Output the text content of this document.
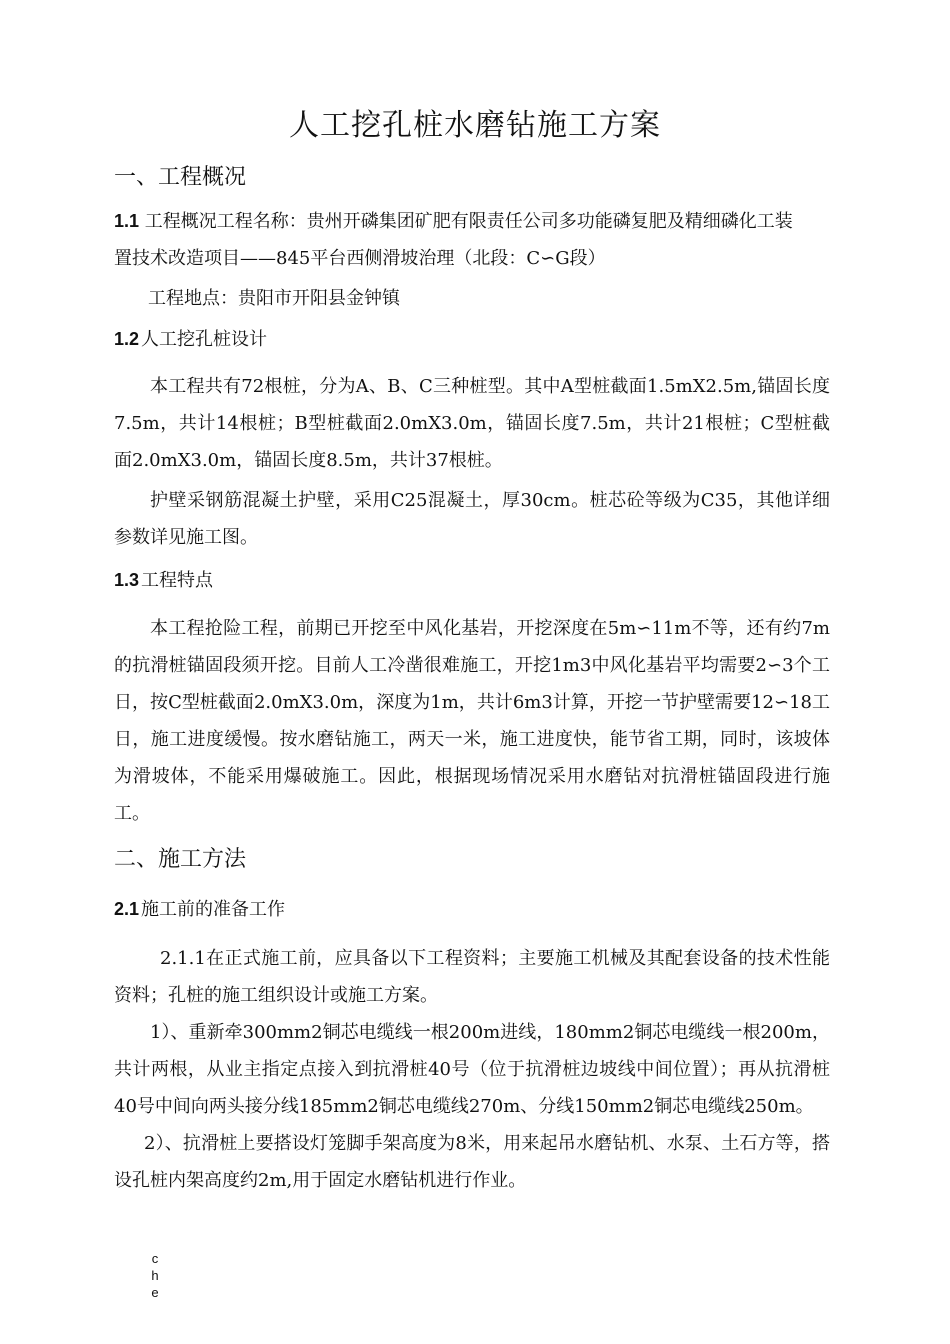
人工挖孔桩水磨钻施工方案
一、工程概况
1.1 工程概况工程名称：贵州开磷集团矿肥有限责任公司多功能磷复肥及精细磷化工装
置技术改造项目——845平台西侧滑坡治理（北段：C∽G段）
工程地点：贵阳市开阳县金钟镇
1.2 人工挖孔桩设计
本工程共有72根桩，分为A、B、C三种桩型。其中A型桩截面1.5mX2.5m,锚固长度7.5m，共计14根桩；B型桩截面2.0mX3.0m，锚固长度7.5m，共计21根桩；C型桩截面2.0mX3.0m，锚固长度8.5m，共计37根桩。
护壁采钢筋混凝土护壁，采用C25混凝土，厚30cm。桩芯砼等级为C35，其他详细参数详见施工图。
1.3 工程特点
本工程抢险工程，前期已开挖至中风化基岩，开挖深度在5m∽11m不等，还有约7m的抗滑桩锚固段须开挖。目前人工冷凿很难施工，开挖1m3中风化基岩平均需要2∽3个工日，按C型桩截面2.0mX3.0m，深度为1m，共计6m3计算，开挖一节护壁需要12∽18工日，施工进度缓慢。按水磨钻施工，两天一米，施工进度快，能节省工期，同时，该坡体为滑坡体，不能采用爆破施工。因此，根据现场情况采用水磨钻对抗滑桩锚固段进行施工。
二、施工方法
2.1 施工前的准备工作
2.1.1在正式施工前，应具备以下工程资料；主要施工机械及其配套设备的技术性能资料；孔桩的施工组织设计或施工方案。
1）、重新牵300mm2铜芯电缆线一根200m进线，180mm2铜芯电缆线一根200m，共计两根，从业主指定点接入到抗滑桩40号（位于抗滑桩边坡线中间位置）；再从抗滑桩40号中间向两头接分线185mm2铜芯电缆线270m、分线150mm2铜芯电缆线250m。
2）、抗滑桩上要搭设灯笼脚手架高度为8米，用来起吊水磨钻机、水泵、土石方等，搭设孔桩内架高度约2m,用于固定水磨钻机进行作业。
che
